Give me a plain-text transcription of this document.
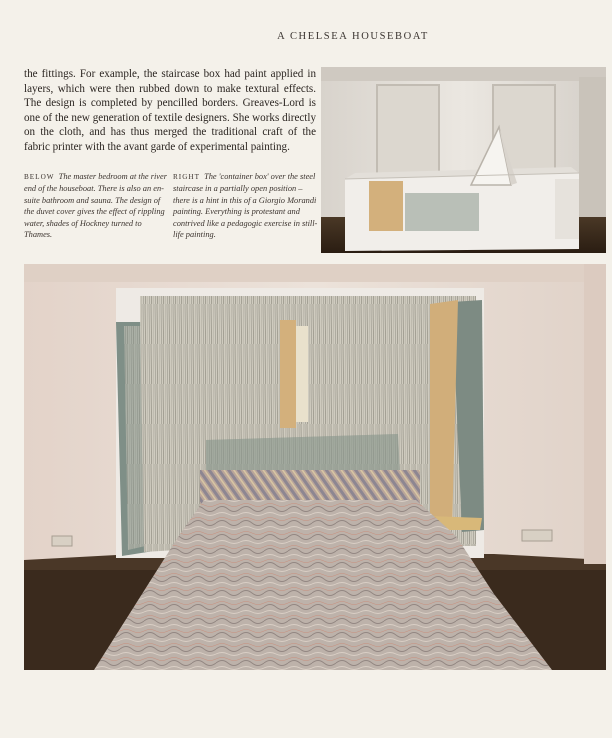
A CHELSEA HOUSEBOAT

the fittings. For example, the staircase box had paint applied in layers, which were then rubbed down to make textural effects. The design is completed by pencilled borders. Greaves-Lord is one of the new generation of textile designers. She works directly on the cloth, and has thus merged the traditional craft of the fabric printer with the avant garde of experimental painting.

BELOW The master bedroom at the river end of the houseboat. There is also an en-suite bathroom and sauna. The design of the duvet cover gives the effect of rippling water, shades of Hockney turned to Thames.
RIGHT The 'container box' over the steel staircase in a partially open position – there is a hint in this of a Giorgio Morandi painting. Everything is protestant and contrived like a pedagogic exercise in still-life painting.
